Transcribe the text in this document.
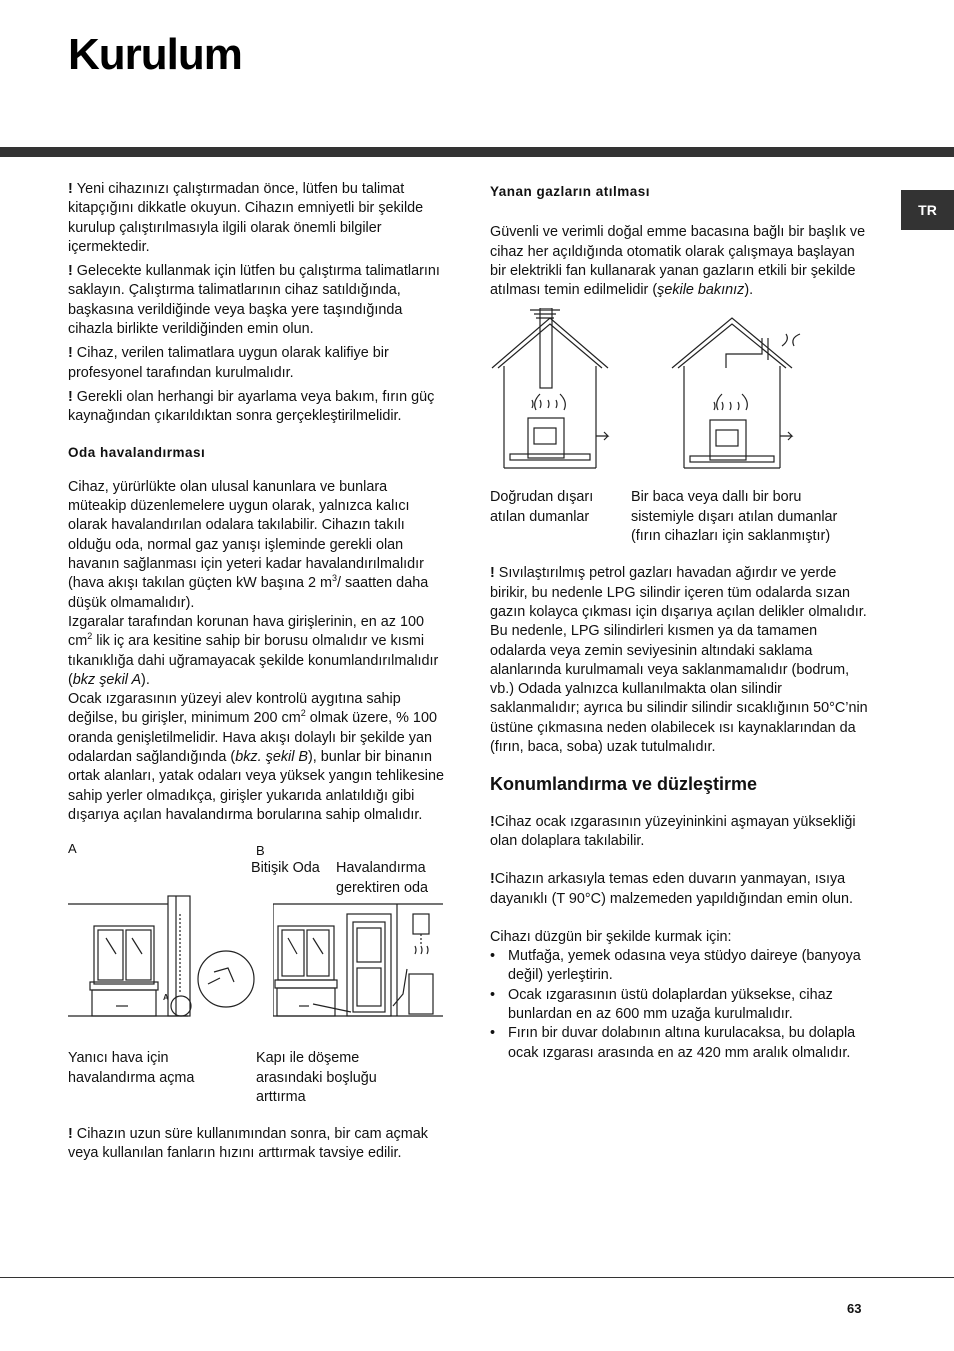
Kurulum
TR

! Yeni cihazınızı çalıştırmadan önce, lütfen bu talimat kitapçığını dikkatle okuyun. Cihazın emniyetli bir şekilde kurulup çalıştırılmasıyla ilgili olarak önemli bilgiler içermektedir.

! Gelecekte kullanmak için lütfen bu çalıştırma talimatlarını saklayın. Çalıştırma talimatlarının cihaz satıldığında, başkasına verildiğinde veya başka yere taşındığında cihazla birlikte verildiğinden emin olun.

! Cihaz, verilen talimatlara uygun olarak kalifiye bir profesyonel tarafından kurulmalıdır.

! Gerekli olan herhangi bir ayarlama veya bakım, fırın güç kaynağından çıkarıldıktan sonra gerçekleştirilmelidir.

Oda havalandırması
Cihaz, yürürlükte olan ulusal kanunlara ve bunlara müteakip düzenlemelere uygun olarak, yalnızca kalıcı olarak havalandırılan odalara takılabilir. Cihazın takılı olduğu oda, normal gaz yanışı işleminde gerekli olan havanın sağlanması için yeteri kadar havalandırılmalıdır (hava akışı takılan güçten kW başına 2 $m^3/$ saatten daha düşük olmamalıdır).
Izgaralar tarafından korunan hava girişlerinin, en az 100 $cm^2$ lik iç ara kesitine sahip bir borusu olmalıdır ve kısmi tıkanıklığa dahi uğramayacak şekilde konumlandırılmalıdır (bkz şekil A).
Ocak ızgarasının yüzeyi alev kontrolü aygıtına sahip değilse, bu girişler, minimum 200 $cm^2$ olmak üzere, % 100 oranda genişletilmelidir. Hava akışı dolaylı bir şekilde yan odalardan sağlandığında (bkz. şekil B), bunlar bir binanın ortak alanları, yatak odaları veya yüksek yangın tehlikesine sahip yerler olmadıkça, girişler yukarıda anlatıldığı gibi dışarıya açılan havalandırma borularına sahip olmalıdır.
A	B
Bitişik Oda Havalandırma gerektiren oda
A
Yanıcı hava için havalandırma açma
Kapı ile döşeme arasındaki boşluğu arttırma

! Cihazın uzun süre kullanımından sonra, bir cam açmak veya kullanılan fanların hızını arttırmak tavsiye edilir.

Yanan gazların atılması

Güvenli ve verimli doğal emme bacasına bağlı bir başlık ve cihaz her açıldığında otomatik olarak çalışmaya başlayan bir elektrikli fan kullanarak yanan gazların etkili bir şekilde atılması temin edilmelidir (şekile bakınız).

Doğrudan dışarı atılan dumanlar
Bir baca veya dallı bir boru sistemiyle dışarı atılan dumanlar (fırın cihazları için saklanmıştır)

! Sıvılaştırılmış petrol gazları havadan ağırdır ve yerde birikir, bu nedenle LPG silindir içeren tüm odalarda sızan gazın kolayca çıkması için dışarıya açılan delikler olmalıdır.

Bu nedenle, LPG silindirleri kısmen ya da tamamen odalarda veya zemin seviyesinin altındaki saklama alanlarında kurulmamalı veya saklanmamalıdır (bodrum, vb.) Odada yalnızca kullanılmakta olan silindir saklanmalıdır; ayrıca bu silindir silindir sıcaklığının 50°C’nin üstüne çıkmasına neden olabilecek ısı kaynaklarından da (fırın, baca, soba) uzak tutulmalıdır.

Konumlandırma ve düzleştirme

!Cihaz ocak ızgarasının yüzeyininkini aşmayan yüksekliği olan dolaplara takılabilir.

!Cihazın arkasıyla temas eden duvarın yanmayan, ısıya dayanıklı (T 90°C) malzemeden yapıldığından emin olun.

Cihazı düzgün bir şekilde kurmak için:

• Mutfağa, yemek odasına veya stüdyo daireye (banyoya değil) yerleştirin.
• Ocak ızgarasının üstü dolaplardan yüksekse, cihaz bunlardan en az 600 mm uzağa kurulmalıdır.
• Fırın bir duvar dolabının altına kurulacaksa, bu dolapla ocak ızgarası arasında en az 420 mm aralık olmalıdır.
63
